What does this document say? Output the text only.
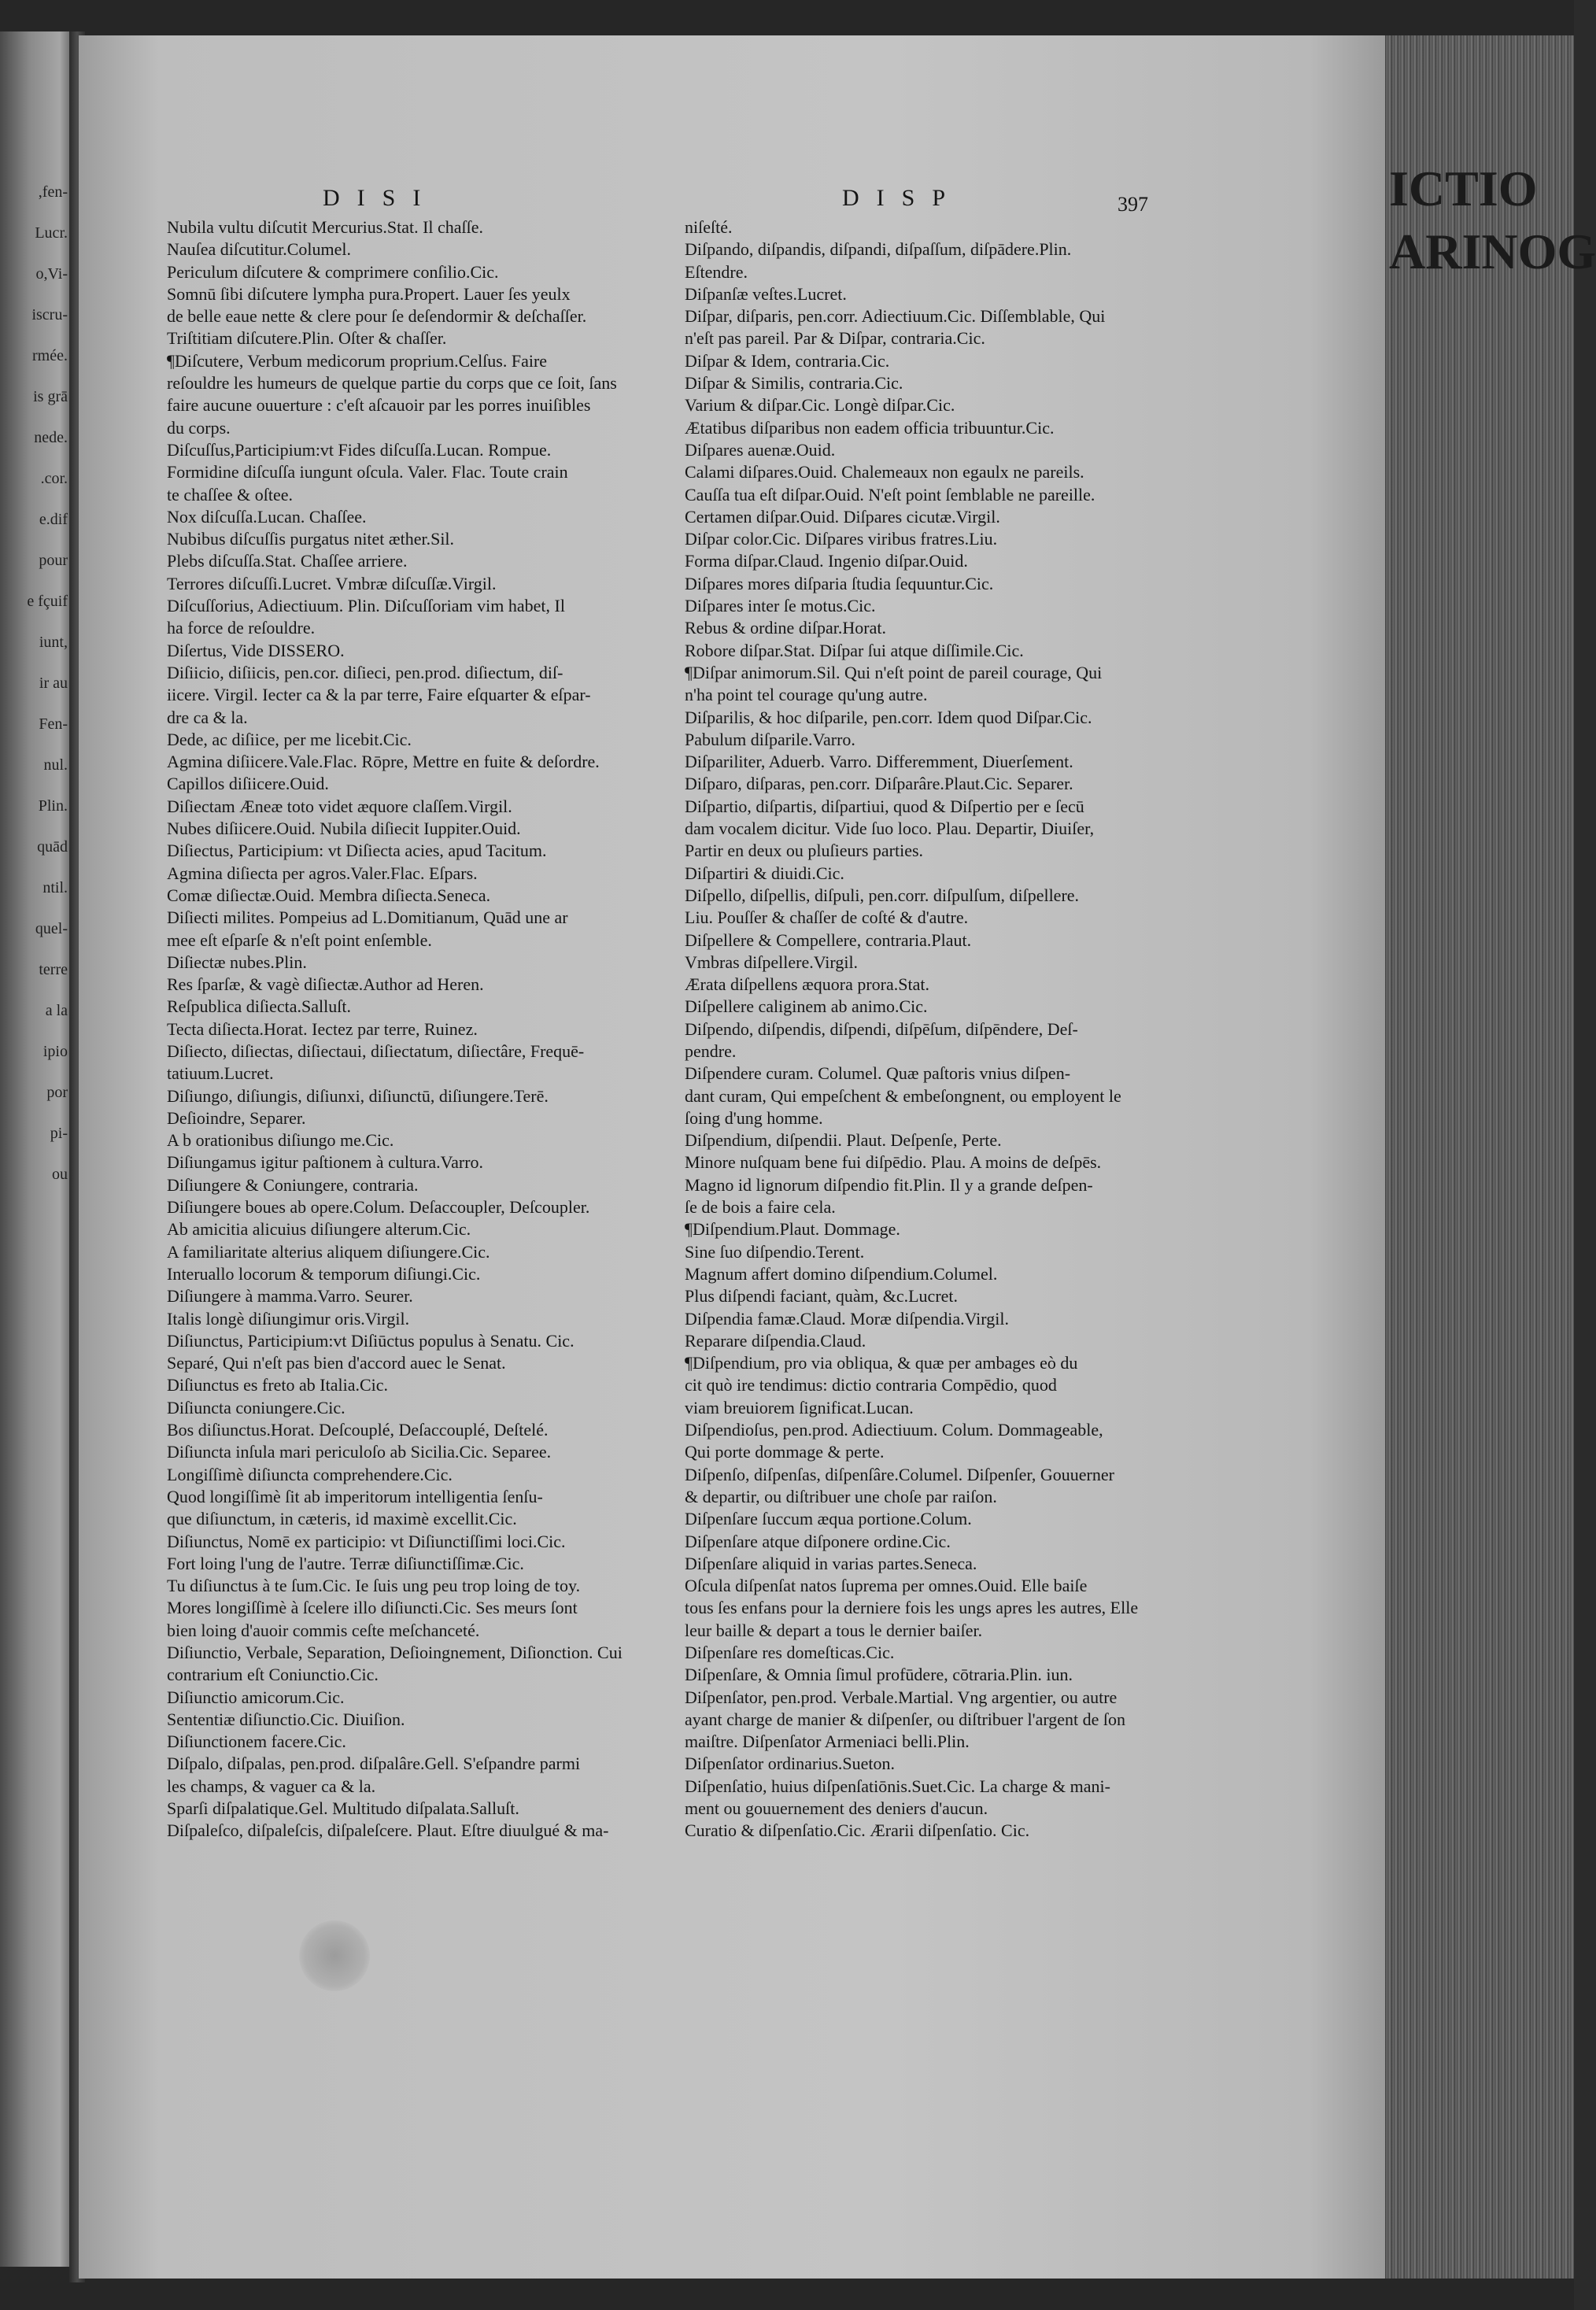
,fen-
Lucr.
o,Vi-
iscru-
rmée.
is grā
nede.
.cor.
e.dif
pour
e fçuif
iunt,
ir au
Fen-
nul.
Plin.
quād
ntil.
quel-
terre
a la
ipio
por
pi-
ou
ICTIO
ARINOG
DISI	DISP	397
Nubila vultu diſcutit Mercurius.Stat. Il chaſſe.
Nauſea diſcutitur.Columel.
Periculum diſcutere & comprimere conſilio.Cic.
Somnū ſibi diſcutere lympha pura.Propert. Lauer ſes yeulx
de belle eaue nette & clere pour ſe deſendormir & deſchaſſer.
Triſtitiam diſcutere.Plin. Oſter & chaſſer.
¶Diſcutere, Verbum medicorum proprium.Celſus. Faire
reſouldre les humeurs de quelque partie du corps que ce ſoit, ſans
faire aucune ouuerture : c'eſt aſcauoir par les porres inuiſibles
du corps.
Diſcuſſus,Participium:vt Fides diſcuſſa.Lucan. Rompue.
Formidine diſcuſſa iungunt oſcula. Valer. Flac. Toute crain
te chaſſee & oſtee.
Nox diſcuſſa.Lucan. Chaſſee.
Nubibus diſcuſſis purgatus nitet æther.Sil.
Plebs diſcuſſa.Stat. Chaſſee arriere.
Terrores diſcuſſi.Lucret. Vmbræ diſcuſſæ.Virgil.
Diſcuſſorius, Adiectiuum. Plin. Diſcuſſoriam vim habet, Il
ha force de reſouldre.
Diſertus, Vide DISSERO.
Diſiicio, diſiicis, pen.cor. diſieci, pen.prod. diſiectum, diſ-
iicere. Virgil. Iecter ca & la par terre, Faire eſquarter & eſpar-
dre ca & la.
Dede, ac diſiice, per me licebit.Cic.
Agmina diſiicere.Vale.Flac. Rōpre, Mettre en fuite & deſordre.
Capillos diſiicere.Ouid.
Diſiectam Æneæ toto videt æquore claſſem.Virgil.
Nubes diſiicere.Ouid. Nubila diſiecit Iuppiter.Ouid.
Diſiectus, Participium: vt Diſiecta acies, apud Tacitum.
Agmina diſiecta per agros.Valer.Flac. Eſpars.
Comæ diſiectæ.Ouid. Membra diſiecta.Seneca.
Diſiecti milites. Pompeius ad L.Domitianum, Quād une ar
mee eſt eſparſe & n'eſt point enſemble.
Diſiectæ nubes.Plin.
Res ſparſæ, & vagè diſiectæ.Author ad Heren.
Reſpublica diſiecta.Salluſt.
Tecta diſiecta.Horat. Iectez par terre, Ruinez.
Diſiecto, diſiectas, diſiectaui, diſiectatum, diſiectâre, Frequē-
tatiuum.Lucret.
Diſiungo, diſiungis, diſiunxi, diſiunctū, diſiungere.Terē.
Deſioindre, Separer.
A b orationibus diſiungo me.Cic.
Diſiungamus igitur paſtionem à cultura.Varro.
Diſiungere & Coniungere, contraria.
Diſiungere boues ab opere.Colum. Deſaccoupler, Deſcoupler.
Ab amicitia alicuius diſiungere alterum.Cic.
A familiaritate alterius aliquem diſiungere.Cic.
Interuallo locorum & temporum diſiungi.Cic.
Diſiungere à mamma.Varro. Seurer.
Italis longè diſiungimur oris.Virgil.
Diſiunctus, Participium:vt Diſiūctus populus à Senatu. Cic.
Separé, Qui n'eſt pas bien d'accord auec le Senat.
Diſiunctus es freto ab Italia.Cic.
Diſiuncta coniungere.Cic.
Bos diſiunctus.Horat. Deſcouplé, Deſaccouplé, Deſtelé.
Diſiuncta inſula mari periculoſo ab Sicilia.Cic. Separee.
Longiſſimè diſiuncta comprehendere.Cic.
Quod longiſſimè ſit ab imperitorum intelligentia ſenſu-
que diſiunctum, in cæteris, id maximè excellit.Cic.
Diſiunctus, Nomē ex participio: vt Diſiunctiſſimi loci.Cic.
Fort loing l'ung de l'autre. Terræ diſiunctiſſimæ.Cic.
Tu diſiunctus à te ſum.Cic. Ie ſuis ung peu trop loing de toy.
Mores longiſſimè à ſcelere illo diſiuncti.Cic. Ses meurs ſont
bien loing d'auoir commis ceſte meſchanceté.
Diſiunctio, Verbale, Separation, Deſioingnement, Diſionction. Cui
contrarium eſt Coniunctio.Cic.
Diſiunctio amicorum.Cic.
Sententiæ diſiunctio.Cic. Diuiſion.
Diſiunctionem facere.Cic.
Diſpalo, diſpalas, pen.prod. diſpalâre.Gell. S'eſpandre parmi
les champs, & vaguer ca & la.
Sparſi diſpalatique.Gel. Multitudo diſpalata.Salluſt.
Diſpaleſco, diſpaleſcis, diſpaleſcere. Plaut. Eſtre diuulgué & ma-
niſeſté.
Diſpando, diſpandis, diſpandi, diſpaſſum, diſpādere.Plin.
Eſtendre.
Diſpanſæ veſtes.Lucret.
Diſpar, diſparis, pen.corr. Adiectiuum.Cic. Diſſemblable, Qui
n'eſt pas pareil. Par & Diſpar, contraria.Cic.
Diſpar & Idem, contraria.Cic.
Diſpar & Similis, contraria.Cic.
Varium & diſpar.Cic. Longè diſpar.Cic.
Ætatibus diſparibus non eadem officia tribuuntur.Cic.
Diſpares auenæ.Ouid.
Calami diſpares.Ouid. Chalemeaux non egaulx ne pareils.
Cauſſa tua eſt diſpar.Ouid. N'eſt point ſemblable ne pareille.
Certamen diſpar.Ouid. Diſpares cicutæ.Virgil.
Diſpar color.Cic. Diſpares viribus fratres.Liu.
Forma diſpar.Claud. Ingenio diſpar.Ouid.
Diſpares mores diſparia ſtudia ſequuntur.Cic.
Diſpares inter ſe motus.Cic.
Rebus & ordine diſpar.Horat.
Robore diſpar.Stat. Diſpar ſui atque diſſimile.Cic.
¶Diſpar animorum.Sil. Qui n'eſt point de pareil courage, Qui
n'ha point tel courage qu'ung autre.
Diſparilis, & hoc diſparile, pen.corr. Idem quod Diſpar.Cic.
Pabulum diſparile.Varro.
Diſpariliter, Aduerb. Varro. Differemment, Diuerſement.
Diſparo, diſparas, pen.corr. Diſparâre.Plaut.Cic. Separer.
Diſpartio, diſpartis, diſpartiui, quod & Diſpertio per e ſecū
dam vocalem dicitur. Vide ſuo loco. Plau. Departir, Diuiſer,
Partir en deux ou pluſieurs parties.
Diſpartiri & diuidi.Cic.
Diſpello, diſpellis, diſpuli, pen.corr. diſpulſum, diſpellere.
Liu. Pouſſer & chaſſer de coſté & d'autre.
Diſpellere & Compellere, contraria.Plaut.
Vmbras diſpellere.Virgil.
Ærata diſpellens æquora prora.Stat.
Diſpellere caliginem ab animo.Cic.
Diſpendo, diſpendis, diſpendi, diſpēſum, diſpēndere, Deſ-
pendre.
Diſpendere curam. Columel. Quæ paſtoris vnius diſpen-
dant curam, Qui empeſchent & embeſongnent, ou employent le
ſoing d'ung homme.
Diſpendium, diſpendii. Plaut. Deſpenſe, Perte.
Minore nuſquam bene fui diſpēdio. Plau. A moins de deſpēs.
Magno id lignorum diſpendio fit.Plin. Il y a grande deſpen-
ſe de bois a faire cela.
¶Diſpendium.Plaut. Dommage.
Sine ſuo diſpendio.Terent.
Magnum affert domino diſpendium.Columel.
Plus diſpendi faciant, quàm, &c.Lucret.
Diſpendia famæ.Claud. Moræ diſpendia.Virgil.
Reparare diſpendia.Claud.
¶Diſpendium, pro via obliqua, & quæ per ambages eò du
cit quò ire tendimus: dictio contraria Compēdio, quod
viam breuiorem ſignificat.Lucan.
Diſpendioſus, pen.prod. Adiectiuum. Colum. Dommageable,
Qui porte dommage & perte.
Diſpenſo, diſpenſas, diſpenſâre.Columel. Diſpenſer, Gouuerner
& departir, ou diſtribuer une choſe par raiſon.
Diſpenſare ſuccum æqua portione.Colum.
Diſpenſare atque diſponere ordine.Cic.
Diſpenſare aliquid in varias partes.Seneca.
Oſcula diſpenſat natos ſuprema per omnes.Ouid. Elle baiſe
tous ſes enfans pour la derniere fois les ungs apres les autres, Elle
leur baille & depart a tous le dernier baiſer.
Diſpenſare res domeſticas.Cic.
Diſpenſare, & Omnia ſimul profūdere, cōtraria.Plin. iun.
Diſpenſator, pen.prod. Verbale.Martial. Vng argentier, ou autre
ayant charge de manier & diſpenſer, ou diſtribuer l'argent de ſon
maiſtre. Diſpenſator Armeniaci belli.Plin.
Diſpenſator ordinarius.Sueton.
Diſpenſatio, huius diſpenſatiōnis.Suet.Cic. La charge & mani-
ment ou gouuernement des deniers d'aucun.
Curatio & diſpenſatio.Cic. Ærarii diſpenſatio. Cic.
